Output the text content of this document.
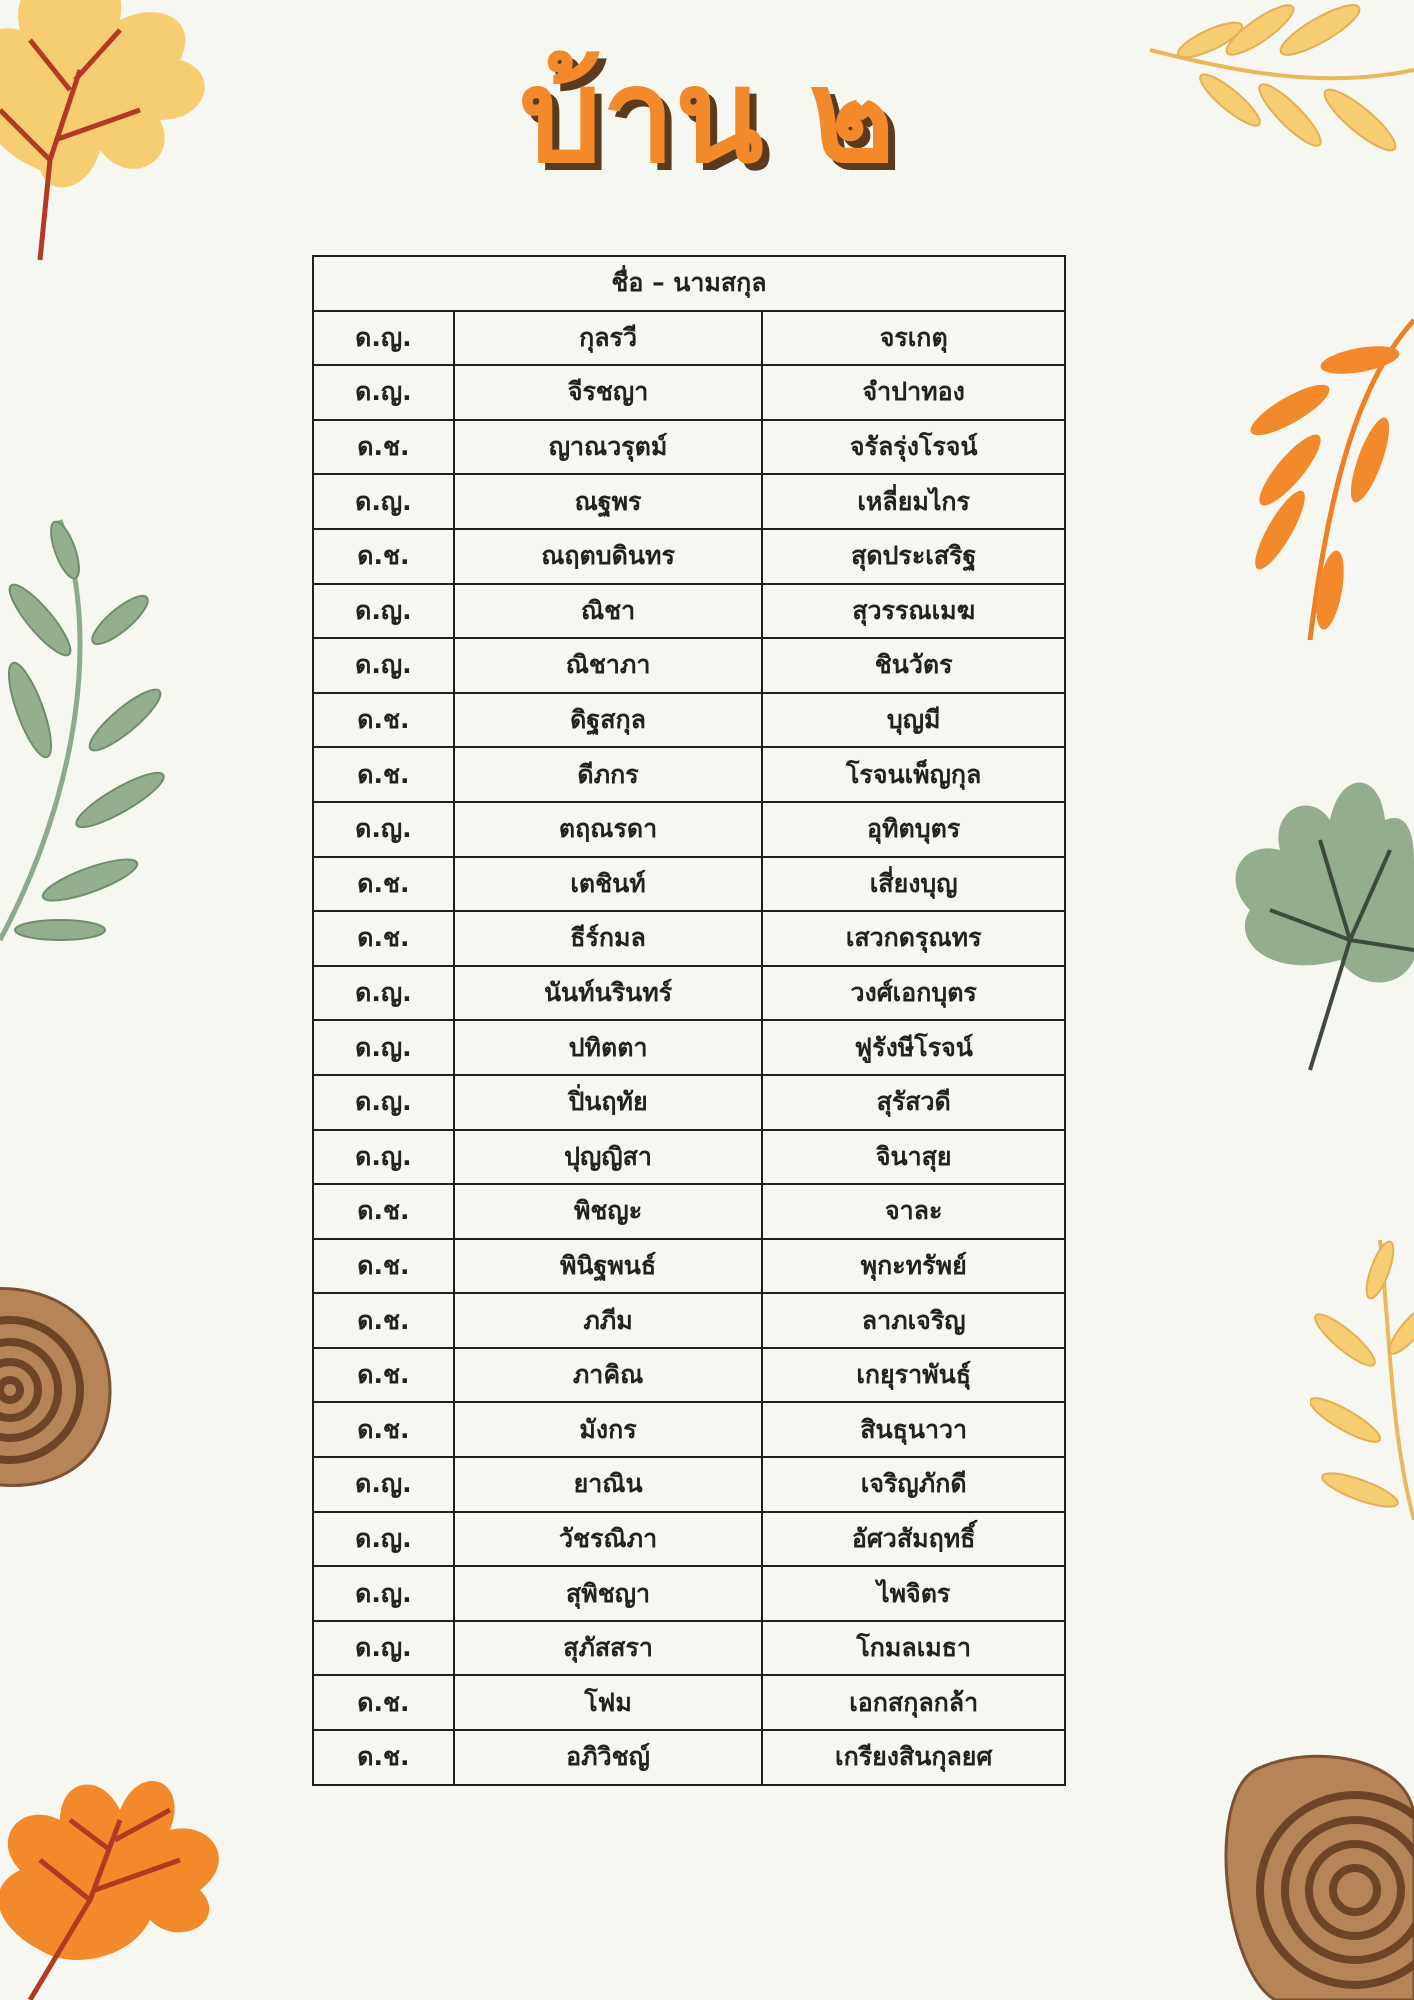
บ้าน ๒
ชื่อ – นามสกุล		
ด.ญ.	กุลรวี	จรเกตุ
ด.ญ.	จีรชญา	จำปาทอง
ด.ช.	ญาณวรุตม์	จรัลรุ่งโรจน์
ด.ญ.	ณฐพร	เหลี่ยมไกร
ด.ช.	ณฤตบดินทร	สุดประเสริฐ
ด.ญ.	ณิชา	สุวรรณเมฆ
ด.ญ.	ณิชาภา	ชินวัตร
ด.ช.	ดิฐสกุล	บุญมี
ด.ช.	ดีภกร	โรจนเพ็ญกุล
ด.ญ.	ตฤณรดา	อุทิตบุตร
ด.ช.	เตชินท์	เสี่ยงบุญ
ด.ช.	ธีร์กมล	เสวกดรุณทร
ด.ญ.	นันท์นรินทร์	วงศ์เอกบุตร
ด.ญ.	ปทิตตา	ฟูรังษีโรจน์
ด.ญ.	ปิ่นฤทัย	สุรัสวดี
ด.ญ.	ปุญญิสา	จินาสุย
ด.ช.	พิชญะ	จาละ
ด.ช.	พินิฐพนธ์	พุกะทรัพย์
ด.ช.	ภภีม	ลาภเจริญ
ด.ช.	ภาคิณ	เกยุราพันธุ์
ด.ช.	มังกร	สินธุนาวา
ด.ญ.	ยาณิน	เจริญภักดี
ด.ญ.	วัชรณิภา	อัศวสัมฤทธิ์
ด.ญ.	สุพิชญา	ไพจิตร
ด.ญ.	สุภัสสรา	โกมลเมธา
ด.ช.	โฟม	เอกสกุลกล้า
ด.ช.	อภิวิชญ์	เกรียงสินกุลยศ
